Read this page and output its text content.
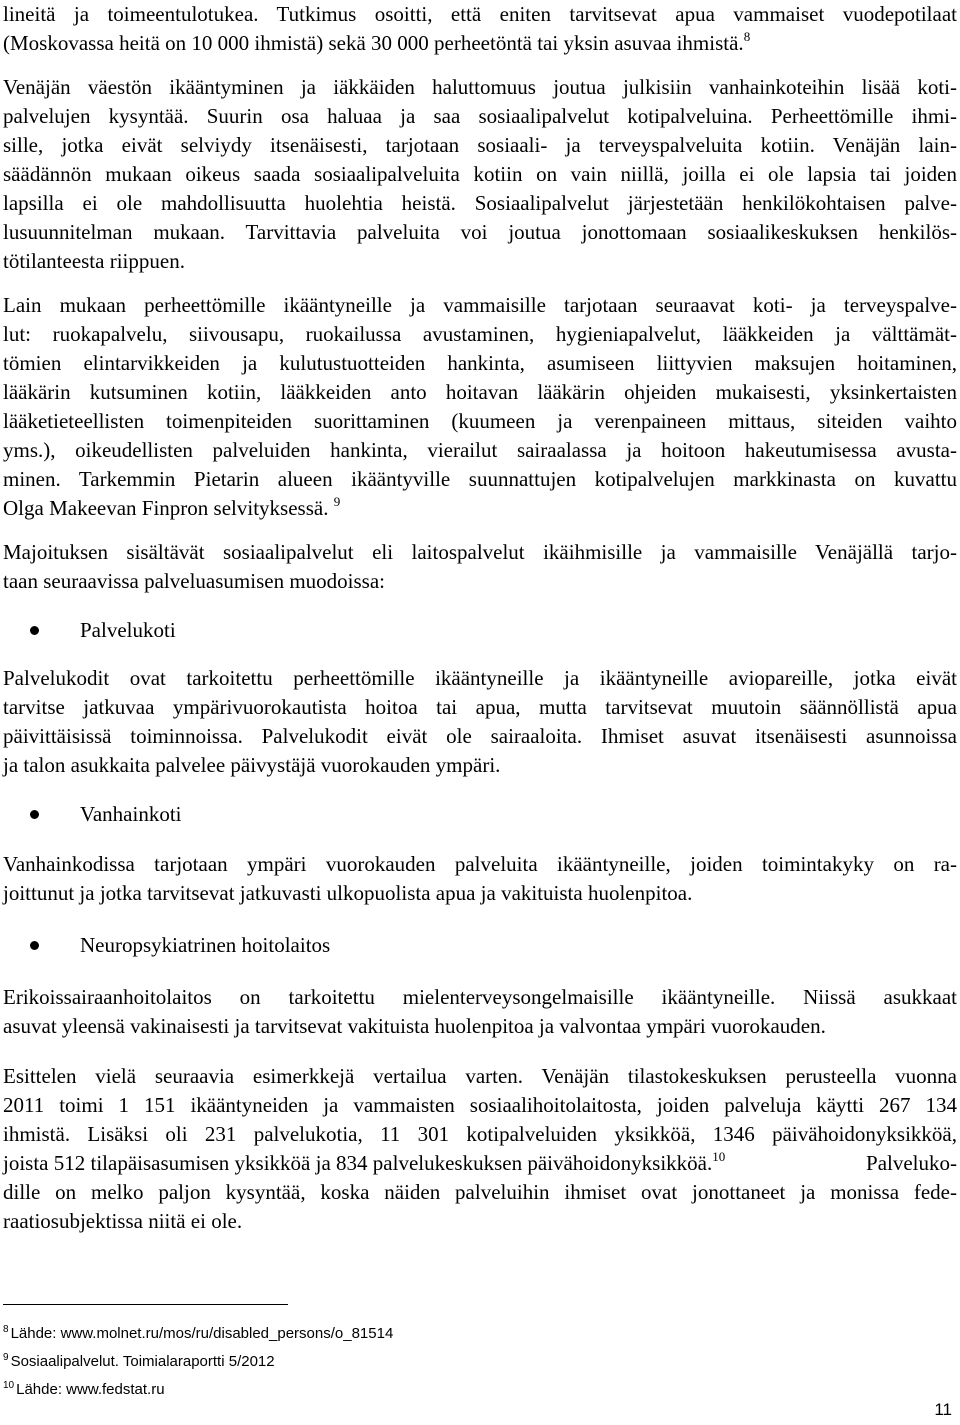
lineitä ja toimeentulotukea. Tutkimus osoitti, että eniten tarvitsevat apua vammaiset vuodepotilaat
(Moskovassa heitä on 10 000 ihmistä) sekä 30 000 perheetöntä tai yksin asuvaa ihmistä.$^8$
Venäjän väestön ikääntyminen ja iäkkäiden haluttomuus joutua julkisiin vanhainkoteihin lisää koti-
palvelujen kysyntää. Suurin osa haluaa ja saa sosiaalipalvelut kotipalveluina. Perheettömille ihmi-
sille, jotka eivät selviydy itsenäisesti, tarjotaan sosiaali- ja terveyspalveluita kotiin. Venäjän lain-
säädännön mukaan oikeus saada sosiaalipalveluita kotiin on vain niillä, joilla ei ole lapsia tai joiden
lapsilla ei ole mahdollisuutta huolehtia heistä. Sosiaalipalvelut järjestetään henkilökohtaisen palve-
lusuunnitelman mukaan. Tarvittavia palveluita voi joutua jonottomaan sosiaalikeskuksen henkilös-
tötilanteesta riippuen.
Lain mukaan perheettömille ikääntyneille ja vammaisille tarjotaan seuraavat koti- ja terveyspalve-
lut: ruokapalvelu, siivousapu, ruokailussa avustaminen, hygieniapalvelut, lääkkeiden ja välttämät-
tömien elintarvikkeiden ja kulutustuotteiden hankinta, asumiseen liittyvien maksujen hoitaminen,
lääkärin kutsuminen kotiin, lääkkeiden anto hoitavan lääkärin ohjeiden mukaisesti, yksinkertaisten
lääketieteellisten toimenpiteiden suorittaminen (kuumeen ja verenpaineen mittaus, siteiden vaihto
yms.), oikeudellisten palveluiden hankinta, vierailut sairaalassa ja hoitoon hakeutumisessa avusta-
minen. Tarkemmin Pietarin alueen ikääntyville suunnattujen kotipalvelujen markkinasta on kuvattu
Olga Makeevan Finpron selvityksessä. $^9$
Majoituksen sisältävät sosiaalipalvelut eli laitospalvelut ikäihmisille ja vammaisille Venäjällä tarjo-
taan seuraavissa palveluasumisen muodoissa:
Palvelukoti
Palvelukodit ovat tarkoitettu perheettömille ikääntyneille ja ikääntyneille aviopareille, jotka eivät
tarvitse jatkuvaa ympärivuorokautista hoitoa tai apua, mutta tarvitsevat muutoin säännöllistä apua
päivittäisissä toiminnoissa. Palvelukodit eivät ole sairaaloita. Ihmiset asuvat itsenäisesti asunnoissa
ja talon asukkaita palvelee päivystäjä vuorokauden ympäri.
Vanhainkoti
Vanhainkodissa tarjotaan ympäri vuorokauden palveluita ikääntyneille, joiden toimintakyky on ra-
joittunut ja jotka tarvitsevat jatkuvasti ulkopuolista apua ja vakituista huolenpitoa.
Neuropsykiatrinen hoitolaitos
Erikoissairaanhoitolaitos on tarkoitettu mielenterveysongelmaisille ikääntyneille. Niissä asukkaat
asuvat yleensä vakinaisesti ja tarvitsevat vakituista huolenpitoa ja valvontaa ympäri vuorokauden.
Esittelen vielä seuraavia esimerkkejä vertailua varten. Venäjän tilastokeskuksen perusteella vuonna
2011 toimi 1 151 ikääntyneiden ja vammaisten sosiaalihoitolaitosta, joiden palveluja käytti 267 134
ihmistä. Lisäksi oli 231 palvelukotia, 11 301 kotipalveluiden yksikköä, 1346 päivähoidonyksikköä,
joista 512 tilapäisasumisen yksikköä ja 834 palvelukeskuksen päivähoidonyksikköä.$^{10}$	Palveluko-
dille on melko paljon kysyntää, koska näiden palveluihin ihmiset ovat jonottaneet ja monissa fede-
raatiosubjektissa niitä ei ole.
$^8$ Lähde: www.molnet.ru/mos/ru/disabled_persons/o_81514
$^9$ Sosiaalipalvelut. Toimialaraportti 5/2012
$^{10}$ Lähde: www.fedstat.ru
11
